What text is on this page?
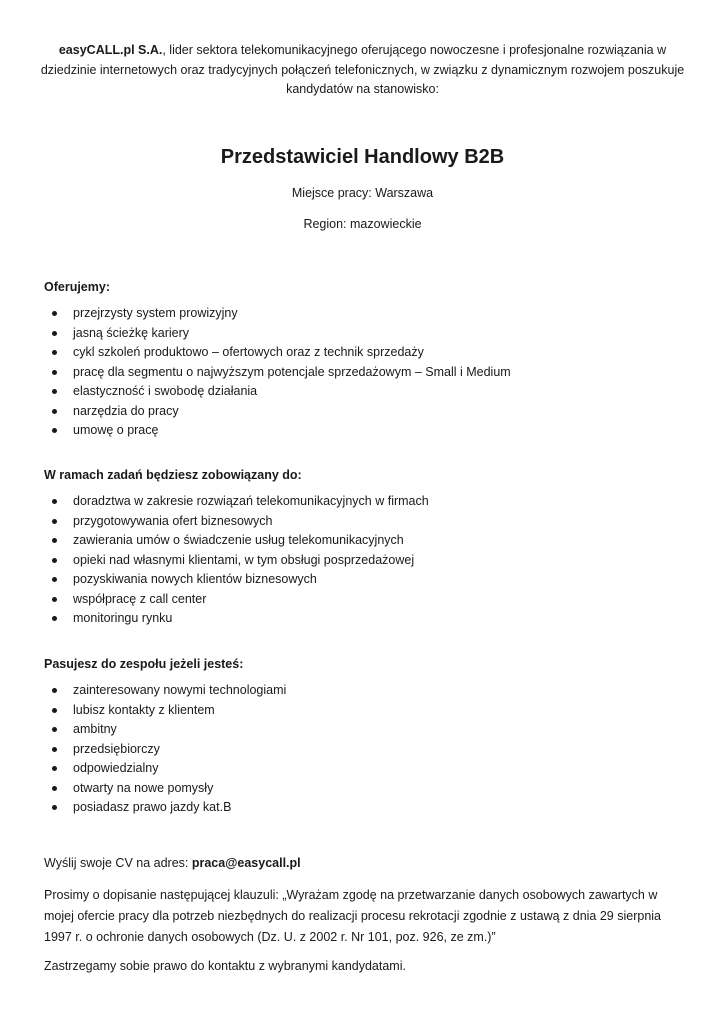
easyCALL.pl S.A., lider sektora telekomunikacyjnego oferującego nowoczesne i profesjonalne rozwiązania w dziedzinie internetowych oraz tradycyjnych połączeń telefonicznych, w związku z dynamicznym rozwojem poszukuje kandydatów na stanowisko:
Przedstawiciel Handlowy B2B
Miejsce pracy: Warszawa
Region: mazowieckie
Oferujemy:
przejrzysty system prowizyjny
jasną ścieżkę kariery
cykl szkoleń produktowo – ofertowych oraz z technik sprzedaży
pracę dla segmentu o najwyższym potencjale sprzedażowym – Small i Medium
elastyczność i swobodę działania
narzędzia do pracy
umowę o pracę
W ramach zadań będziesz zobowiązany do:
doradztwa w zakresie rozwiązań telekomunikacyjnych w firmach
przygotowywania ofert biznesowych
zawierania umów o świadczenie usług telekomunikacyjnych
opieki nad własnymi klientami, w tym obsługi posprzedażowej
pozyskiwania nowych klientów biznesowych
współpracę z call center
monitoringu rynku
Pasujesz do zespołu jeżeli jesteś:
zainteresowany nowymi technologiami
lubisz kontakty z klientem
ambitny
przedsiębiorczy
odpowiedzialny
otwarty na nowe pomysły
posiadasz prawo jazdy kat.B
Wyślij swoje CV na adres: praca@easycall.pl
Prosimy o dopisanie następującej klauzuli: „Wyrażam zgodę na przetwarzanie danych osobowych zawartych w mojej ofercie pracy dla potrzeb niezbędnych do realizacji procesu rekrotacji zgodnie z ustawą z dnia 29 sierpnia 1997 r. o ochronie danych osobowych (Dz. U. z 2002 r. Nr 101, poz. 926, ze zm.)”
Zastrzegamy sobie prawo do kontaktu z wybranymi kandydatami.
